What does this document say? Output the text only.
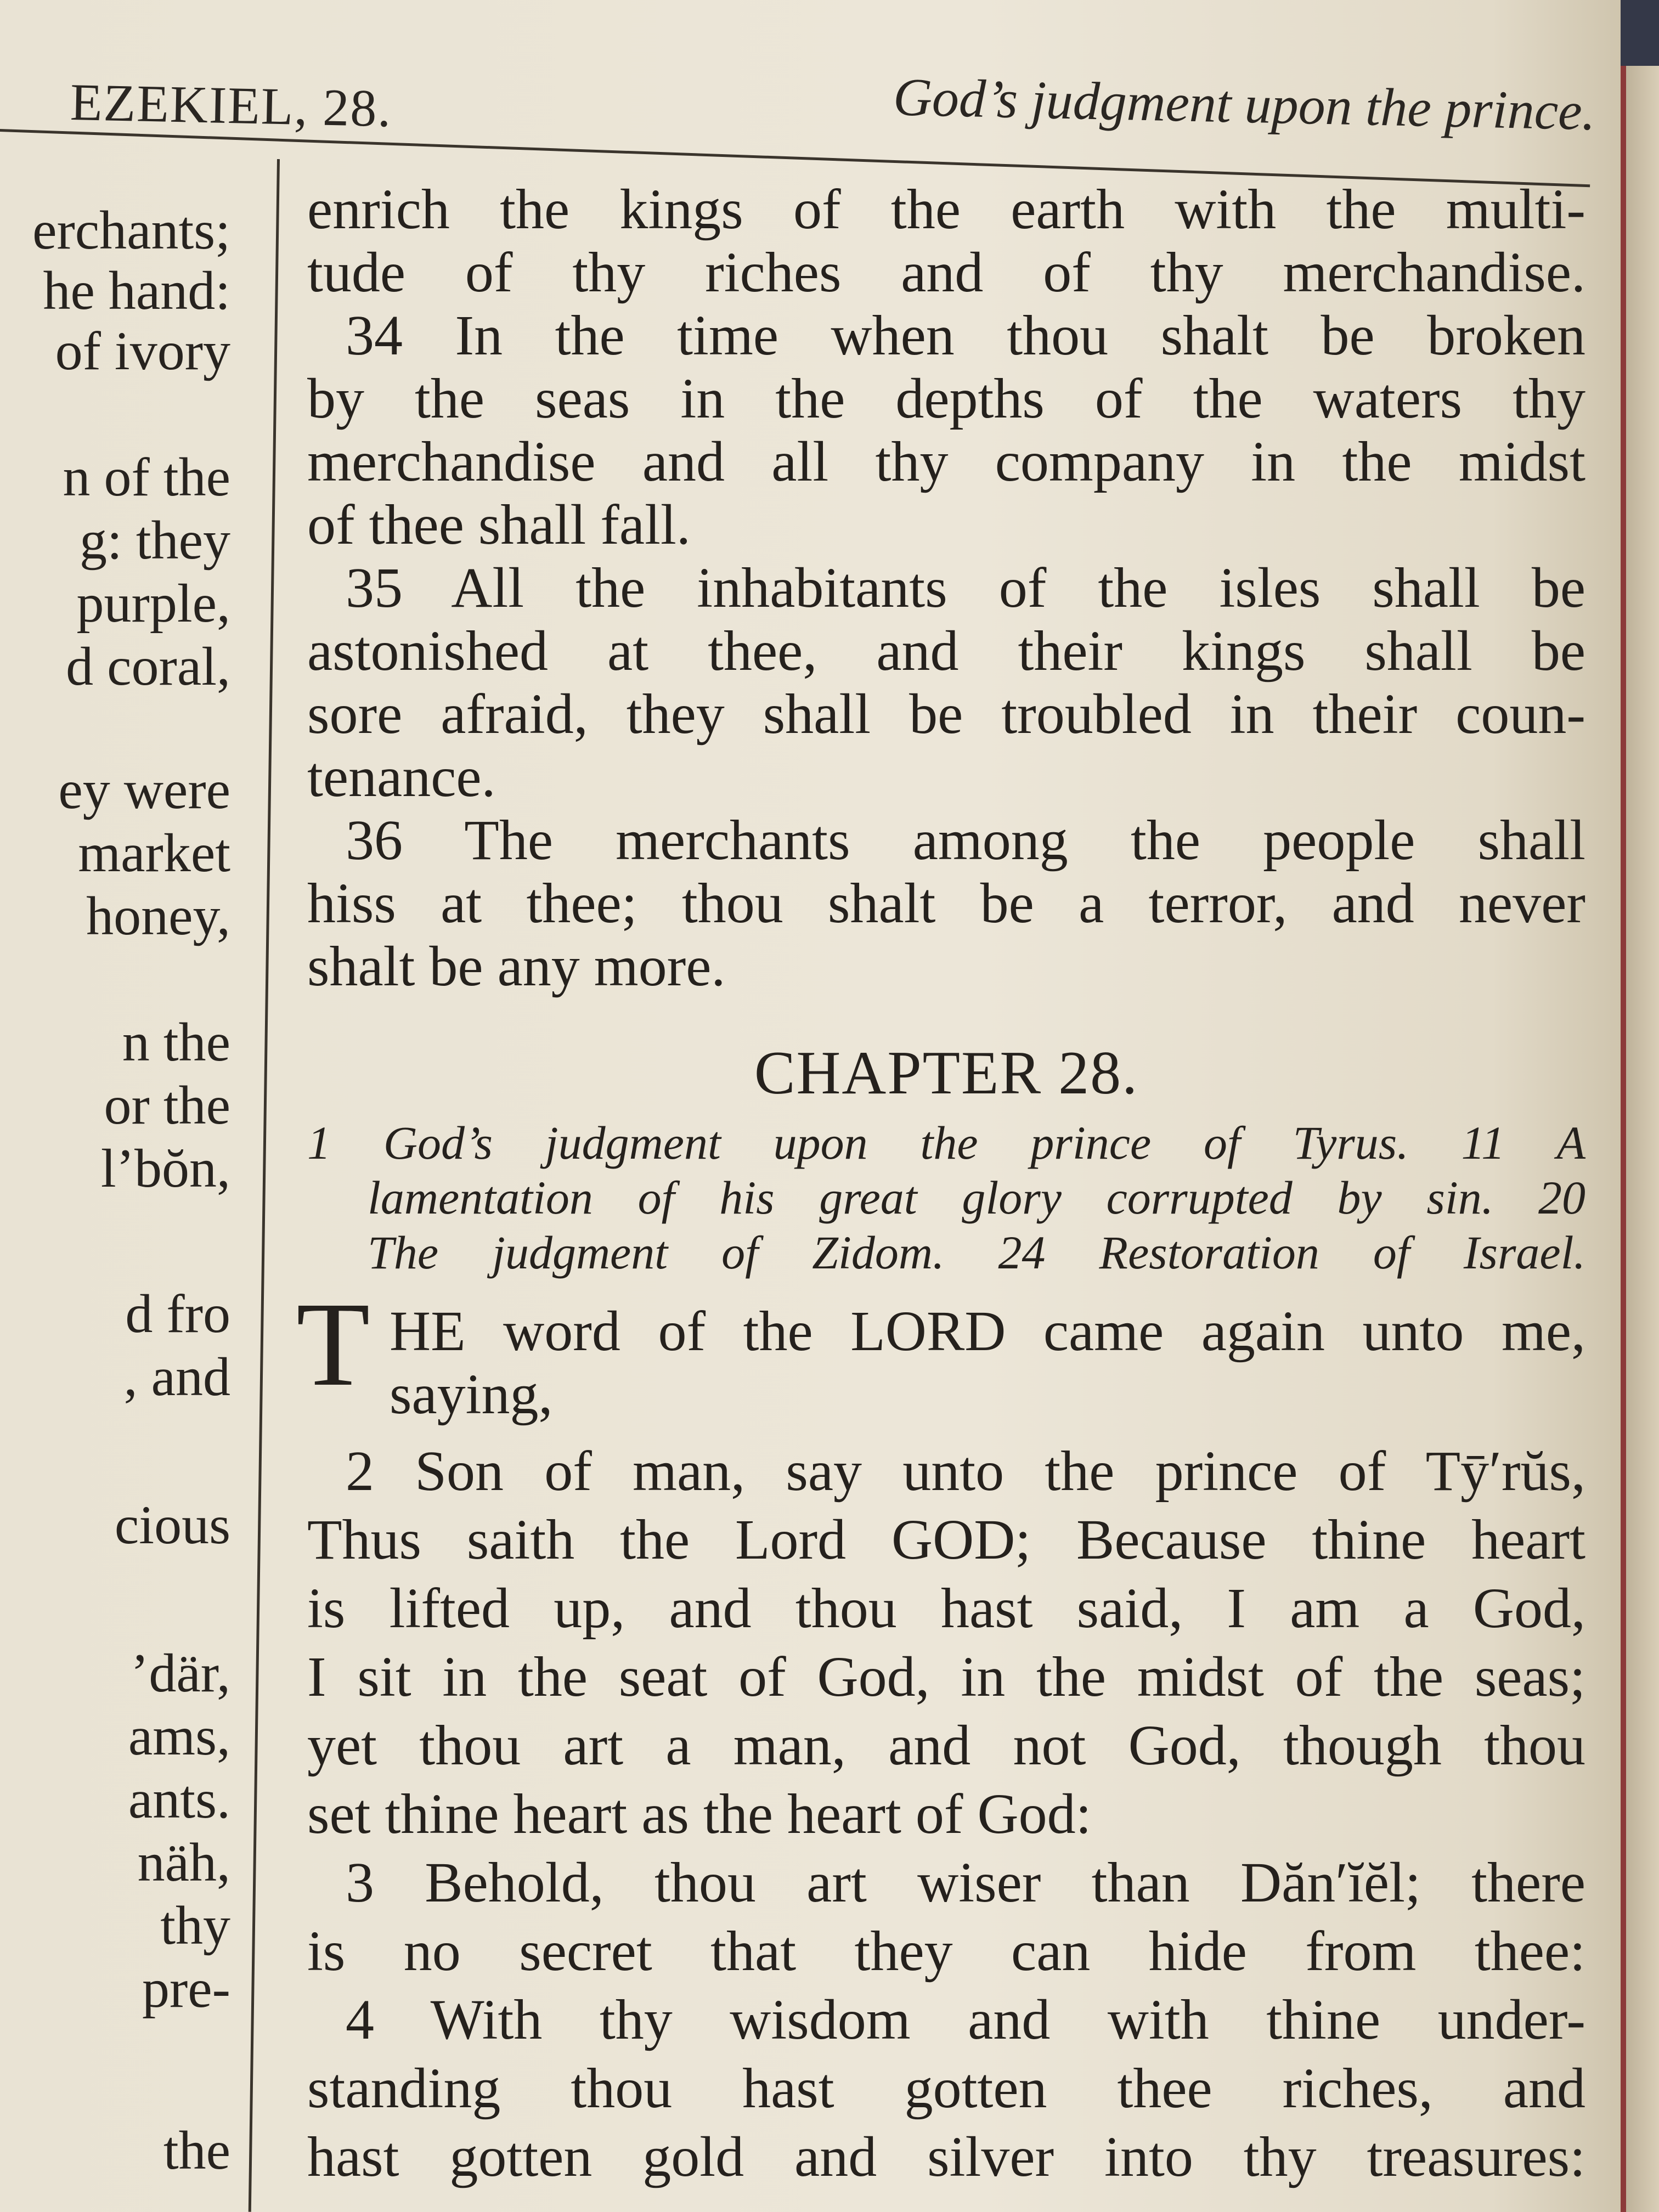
EZEKIEL, 28.	God’s judgment upon the prince.
erchants;
he hand:
of ivory
n of the
g: they
purple,
d coral,
ey were
market
honey,
n the
or the
l’bŏn,
d fro
, and
cious
’där,
ams,
ants.
näh,
thy
pre-
the
enrich the kings of the earth with the multi-
tude of thy riches and of thy merchandise.
34 In the time when thou shalt be broken
by the seas in the depths of the waters thy
merchandise and all thy company in the midst
of thee shall fall.
35 All the inhabitants of the isles shall be
astonished at thee, and their kings shall be
sore afraid, they shall be troubled in their coun-
tenance.
36 The merchants among the people shall
hiss at thee; thou shalt be a terror, and never
shalt be any more.
CHAPTER 28.
1 God’s judgment upon the prince of Tyrus. 11 A
lamentation of his great glory corrupted by sin. 20
The judgment of Zidom. 24 Restoration of Israel.
T HE word of the LORD came again unto me,
saying,
2 Son of man, say unto the prince of Tȳ′rŭs,
Thus saith the Lord GOD; Because thine heart
is lifted up, and thou hast said, I am a God,
I sit in the seat of God, in the midst of the seas;
yet thou art a man, and not God, though thou
set thine heart as the heart of God:
3 Behold, thou art wiser than Dăn′ĭĕl; there
is no secret that they can hide from thee:
4 With thy wisdom and with thine under-
standing thou hast gotten thee riches, and
hast gotten gold and silver into thy treasures:
